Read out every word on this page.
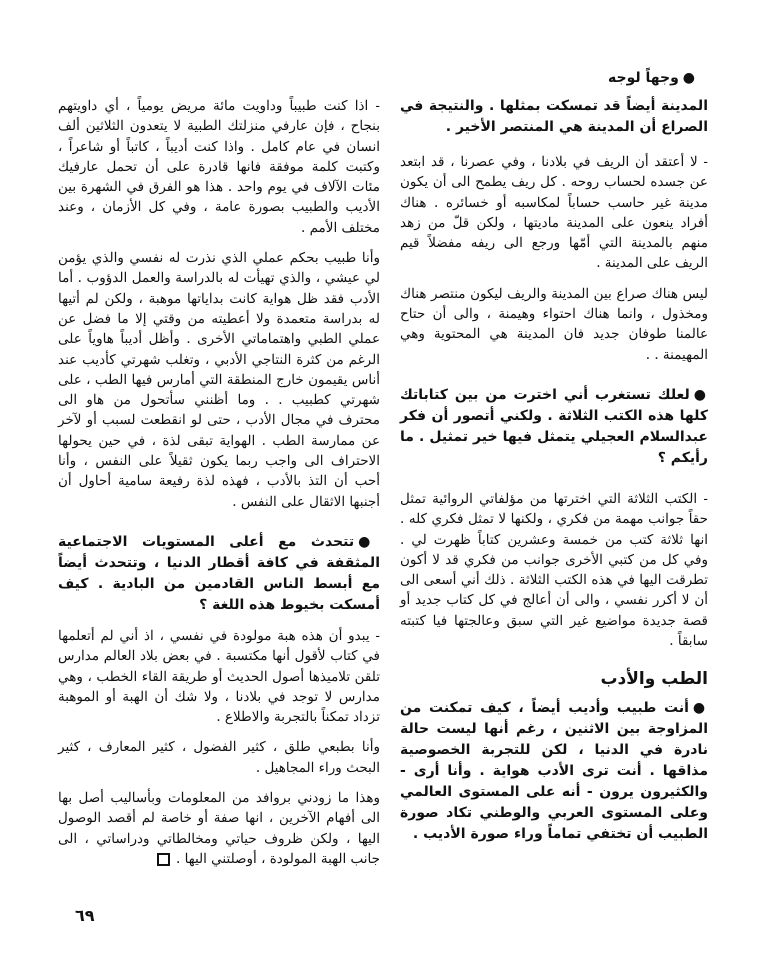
●وجهاً لوجه

المدينة أيضاً قد تمسكت بمثلها . والنتيجة في الصراع أن المدينة هي المنتصر الأخير .

- لا أعتقد أن الريف في بلادنا ، وفي عصرنا ، قد ابتعد عن جسده لحساب روحه . كل ريف يطمح الى أن يكون مدينة غير حاسب حساباً لمكاسبه أو خسائره . هناك أفراد ينعون على المدينة ماديتها ، ولكن قلّ من زهد منهم بالمدينة التي أمّها ورجع الى ريفه مفضلاً قيم الريف على المدينة .

ليس هناك صراع بين المدينة والريف ليكون منتصر هناك ومخذول ، وانما هناك احتواء وهيمنة ، والى أن حتاح عالمنا طوفان جديد فان المدينة هي المحتوية وهي المهيمنة . .

●لعلك تستغرب أني اخترت من بين كتاباتك كلها هذه الكتب الثلاثة . ولكني أتصور أن فكر عبدالسلام العجيلي يتمثل فيها خير تمثيل . ما رأيكم ؟

- الكتب الثلاثة التي اخترتها من مؤلفاتي الروائية تمثل حقاً جوانب مهمة من فكري ، ولكنها لا تمثل فكري كله . انها ثلاثة كتب من خمسة وعشرين كتاباً ظهرت لي . وفي كل من كتبي الأخرى جوانب من فكري قد لا أكون تطرقت اليها في هذه الكتب الثلاثة . ذلك أني أسعى الى أن لا أكرر نفسي ، والى أن أعالج في كل كتاب جديد أو قصة جديدة مواضيع غير التي سبق وعالجتها فيا كتبته سابقاً .

الطب والأدب

●أنت طبيب وأديب أيضاً ، كيف تمكنت من المزاوجة بين الاثنين ، رغم أنها ليست حالة نادرة في الدنيا ، لكن للتجربة الخصوصية مذاقها . أنت ترى الأدب هواية . وأنا أرى - والكثيرون يرون - أنه على المستوى العالمي وعلى المستوى العربي والوطني تكاد صورة الطبيب أن تختفي تماماً وراء صورة الأديب .

- اذا كنت طبيباً وداويت مائة مريض يومياً ، أي داويتهم بنجاح ، فإن عارفي منزلتك الطبية لا يتعدون الثلاثين ألف انسان في عام كامل . واذا كنت أديباً ، كاتباً أو شاعراً ، وكتبت كلمة موفقة فانها قادرة على أن تحمل عارفيك مئات الآلاف في يوم واحد . هذا هو الفرق في الشهرة بين الأديب والطبيب بصورة عامة ، وفي كل الأزمان ، وعند مختلف الأمم .

وأنا طبيب بحكم عملي الذي نذرت له نفسي والذي يؤمن لي عيشي ، والذي تهيأت له بالدراسة والعمل الدؤوب . أما الأدب فقد ظل هواية كانت بداياتها موهبة ، ولكن لم أتيها له بدراسة متعمدة ولا أعطيته من وقتي إلا ما فضل عن عملي الطبي واهتماماتي الأخرى . وأظل أديباً هاوياً على الرغم من كثرة النتاجي الأدبي ، وتغلب شهرتي كأديب عند أناس يقيمون خارج المنطقة التي أمارس فيها الطب ، على شهرتي كطبيب . . وما أظنني سأتحول من هاو الى محترف في مجال الأدب ، حتى لو انقطعت لسبب أو لآخر عن ممارسة الطب . الهواية تبقى لذة ، في حين يحولها الاحتراف الى واجب ربما يكون ثقيلاً على النفس ، وأنا أحب أن التذ بالأدب ، فهذه لذة رفيعة سامية أحاول أن أجنبها الاثقال على النفس .

●تتحدث مع أعلى المستويات الاجتماعية المثقفة في كافة أقطار الدنيا ، وتتحدث أيضاً مع أبسط الناس القادمين من البادية . كيف أمسكت بخيوط هذه اللغة ؟

- يبدو أن هذه هبة مولودة في نفسي ، اذ أني لم أتعلمها في كتاب لأقول أنها مكتسبة . في بعض بلاد العالم مدارس تلقن تلاميذها أصول الحديث أو طريقة القاء الخطب ، وهي مدارس لا توجد في بلادنا ، ولا شك أن الهبة أو الموهبة تزداد تمكناً بالتجربة والاطلاع .

وأنا بطبعي طلق ، كثير الفضول ، كثير المعارف ، كثير البحث وراء المجاهيل .

وهذا ما زودني بروافد من المعلومات وبأساليب أصل بها الى أفهام الآخرين ، انها صفة أو خاصة لم أقصد الوصول اليها ، ولكن ظروف حياتي ومخالطاتي ودراساتي ، الى جانب الهبة المولودة ، أوصلتني اليها .

٦٩
